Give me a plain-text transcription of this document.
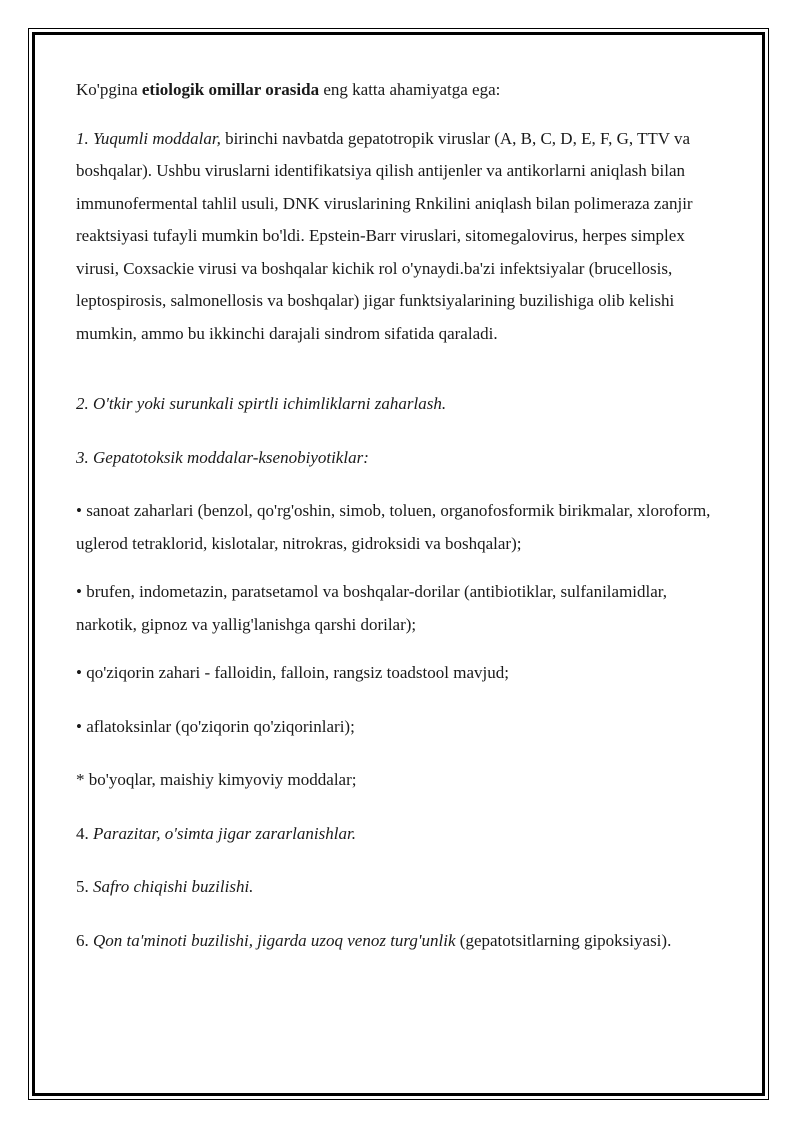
Ko'pgina etiologik omillar orasida eng katta ahamiyatga ega:

1. Yuqumli moddalar, birinchi navbatda gepatotropik viruslar (A, B, C, D, E, F, G, TTV va boshqalar). Ushbu viruslarni identifikatsiya qilish antijenler va antikorlarni aniqlash bilan immunofermental tahlil usuli, DNK viruslarining Rnkilini aniqlash bilan polimeraza zanjir reaktsiyasi tufayli mumkin bo'ldi. Epstein-Barr viruslari, sitomegalovirus, herpes simplex virusi, Coxsackie virusi va boshqalar kichik rol o'ynaydi.ba'zi infektsiyalar (brucellosis, leptospirosis, salmonellosis va boshqalar) jigar funktsiyalarining buzilishiga olib kelishi mumkin, ammo bu ikkinchi darajali sindrom sifatida qaraladi.

2. O'tkir yoki surunkali spirtli ichimliklarni zaharlash.

3. Gepatotoksik moddalar-ksenobiyotiklar:

• sanoat zaharlari (benzol, qo'rg'oshin, simob, toluen, organofosformik birikmalar, xloroform, uglerod tetraklorid, kislotalar, nitrokras, gidroksidi va boshqalar);

• brufen, indometazin, paratsetamol va boshqalar-dorilar (antibiotiklar, sulfanilamidlar, narkotik, gipnoz va yallig'lanishga qarshi dorilar);

• qo'ziqorin zahari - falloidin, falloin, rangsiz toadstool mavjud;

• aflatoksinlar (qo'ziqorin qo'ziqorinlari);

* bo'yoqlar, maishiy kimyoviy moddalar;

4. Parazitar, o'simta jigar zararlanishlar.

5. Safro chiqishi buzilishi.

6. Qon ta'minoti buzilishi, jigarda uzoq venoz turg'unlik (gepatotsitlarning gipoksiyasi).
